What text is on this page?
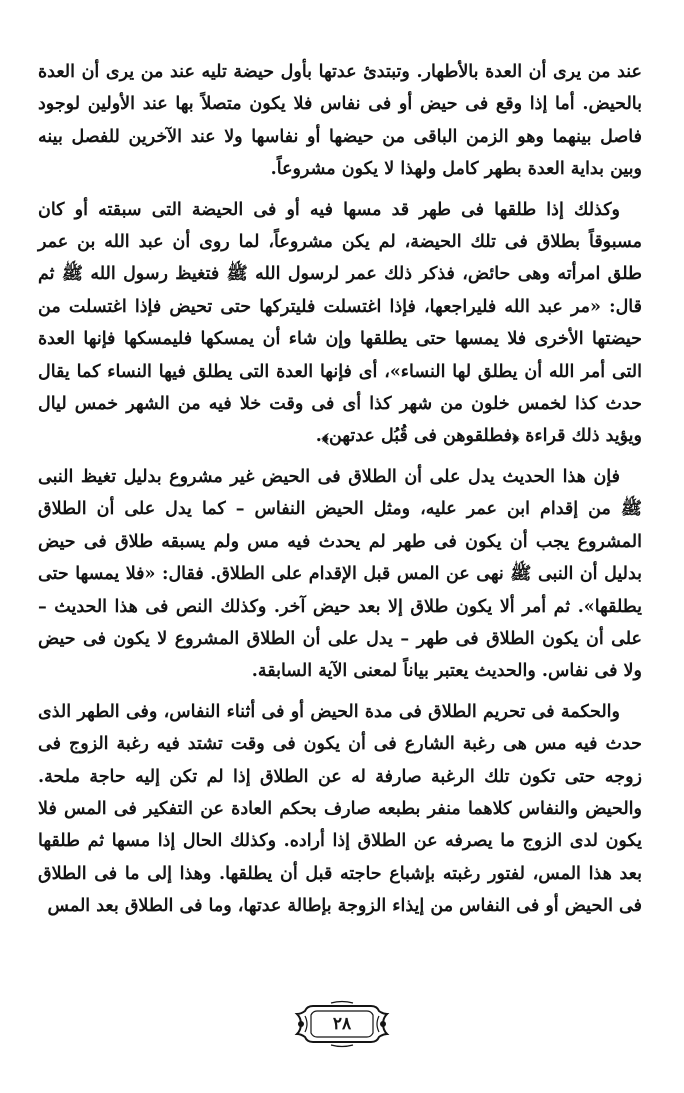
عند من يرى أن العدة بالأطهار. وتبتدئ عدتها بأول حيضة تليه عند من يرى أن العدة بالحيض. أما إذا وقع فى حيض أو فى نفاس فلا يكون متصلاً بها عند الأولين لوجود فاصل بينهما وهو الزمن الباقى من حيضها أو نفاسها ولا عند الآخرين للفصل بينه وبين بداية العدة بطهر كامل ولهذا لا يكون مشروعاً.

وكذلك إذا طلقها فى طهر قد مسها فيه أو فى الحيضة التى سبقته أو كان مسبوقاً بطلاق فى تلك الحيضة، لم يكن مشروعاً، لما روى أن عبد الله بن عمر طلق امرأته وهى حائض، فذكر ذلك عمر لرسول الله ﷺ فتغيظ رسول الله ﷺ ثم قال: «مر عبد الله فليراجعها، فإذا اغتسلت فليتركها حتى تحيض فإذا اغتسلت من حيضتها الأخرى فلا يمسها حتى يطلقها وإن شاء أن يمسكها فليمسكها فإنها العدة التى أمر الله أن يطلق لها النساء»، أى فإنها العدة التى يطلق فيها النساء كما يقال حدث كذا لخمس خلون من شهر كذا أى فى وقت خلا فيه من الشهر خمس ليال ويؤيد ذلك قراءة ﴿فطلقوهن فى قُبُل عدتهن﴾.

فإن هذا الحديث يدل على أن الطلاق فى الحيض غير مشروع بدليل تغيظ النبى ﷺ من إقدام ابن عمر عليه، ومثل الحيض النفاس – كما يدل على أن الطلاق المشروع يجب أن يكون فى طهر لم يحدث فيه مس ولم يسبقه طلاق فى حيض بدليل أن النبى ﷺ نهى عن المس قبل الإقدام على الطلاق. فقال: «فلا يمسها حتى يطلقها». ثم أمر ألا يكون طلاق إلا بعد حيض آخر. وكذلك النص فى هذا الحديث – على أن يكون الطلاق فى طهر – يدل على أن الطلاق المشروع لا يكون فى حيض ولا فى نفاس. والحديث يعتبر بياناً لمعنى الآية السابقة.

والحكمة فى تحريم الطلاق فى مدة الحيض أو فى أثناء النفاس، وفى الطهر الذى حدث فيه مس هى رغبة الشارع فى أن يكون فى وقت تشتد فيه رغبة الزوج فى زوجه حتى تكون تلك الرغبة صارفة له عن الطلاق إذا لم تكن إليه حاجة ملحة. والحيض والنفاس كلاهما منفر بطبعه صارف بحكم العادة عن التفكير فى المس فلا يكون لدى الزوج ما يصرفه عن الطلاق إذا أراده. وكذلك الحال إذا مسها ثم طلقها بعد هذا المس، لفتور رغبته بإشباع حاجته قبل أن يطلقها. وهذا إلى ما فى الطلاق فى الحيض أو فى النفاس من إيذاء الزوجة بإطالة عدتها، وما فى الطلاق بعد المس

٢٨
